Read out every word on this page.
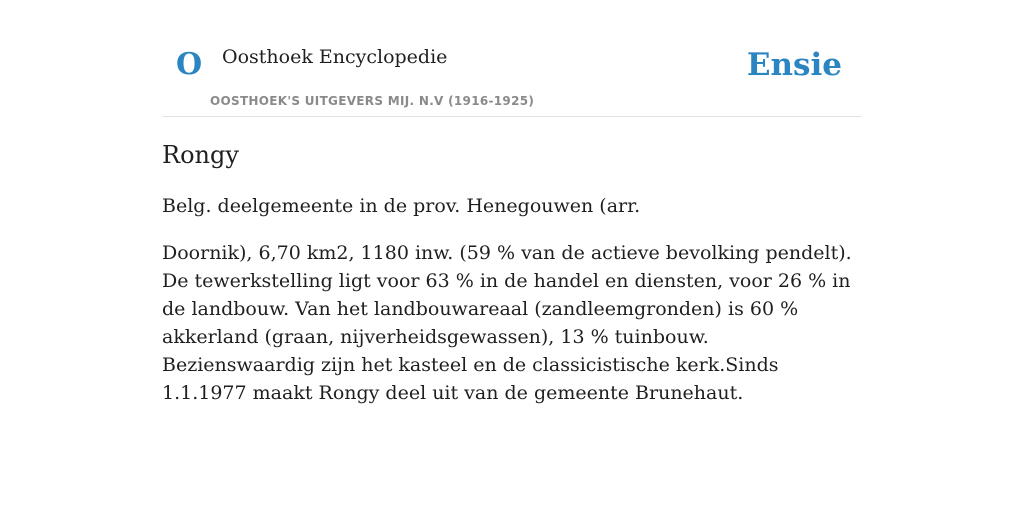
O Oosthoek Encyclopedie
OOSTHOEK'S UITGEVERS MIJ. N.V (1916-1925)
Ensie
Rongy

Belg. deelgemeente in de prov. Henegouwen (arr.

Doornik), 6,70 km2, 1180 inw. (59 % van de actieve bevolking pendelt). De tewerkstelling ligt voor 63 % in de handel en diensten, voor 26 % in de landbouw. Van het landbouwareaal (zandleemgronden) is 60 % akkerland (graan, nijverheidsgewassen), 13 % tuinbouw. Bezienswaardig zijn het kasteel en de classicistische kerk.Sinds 1.1.1977 maakt Rongy deel uit van de gemeente Brunehaut.
